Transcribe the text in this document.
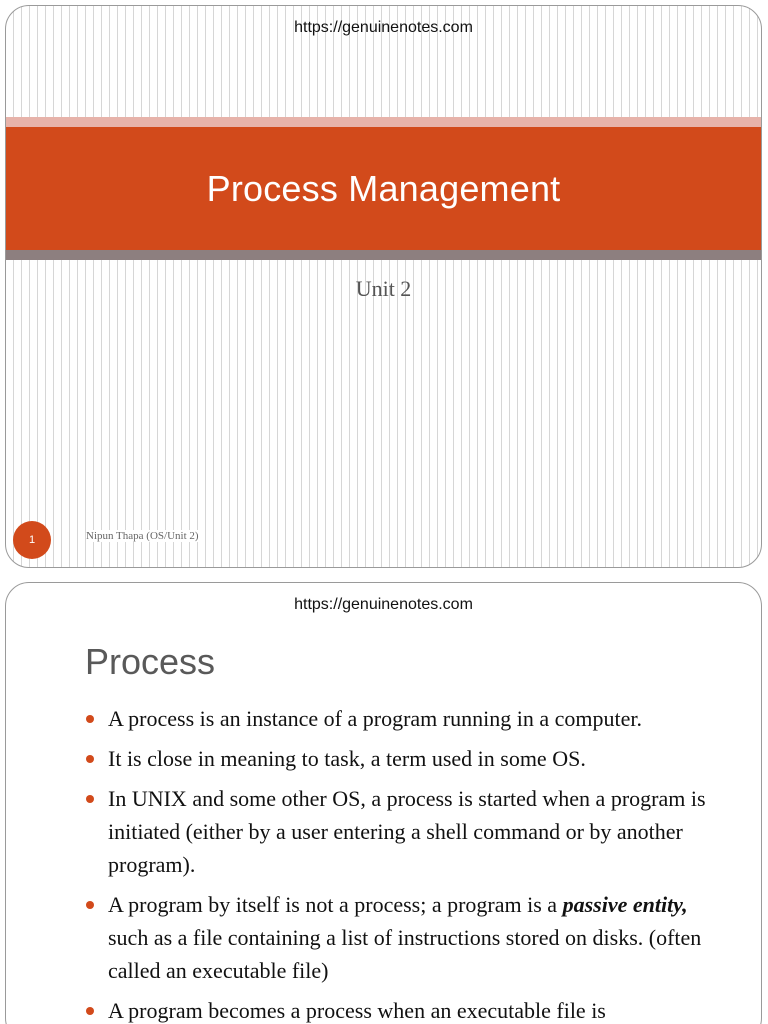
https://genuinenotes.com
Process Management
Unit 2
1	Nipun Thapa (OS/Unit 2)
https://genuinenotes.com
Process
A process is an instance of a program running in a computer.
It is close in meaning to task, a term used in some OS.
In UNIX and some other OS, a process is started when a program is initiated (either by a user entering a shell command or by another program).
A program by itself is not a process; a program is a passive entity, such as a file containing a list of instructions stored on disks. (often called an executable file)
A program becomes a process when an executable file is
